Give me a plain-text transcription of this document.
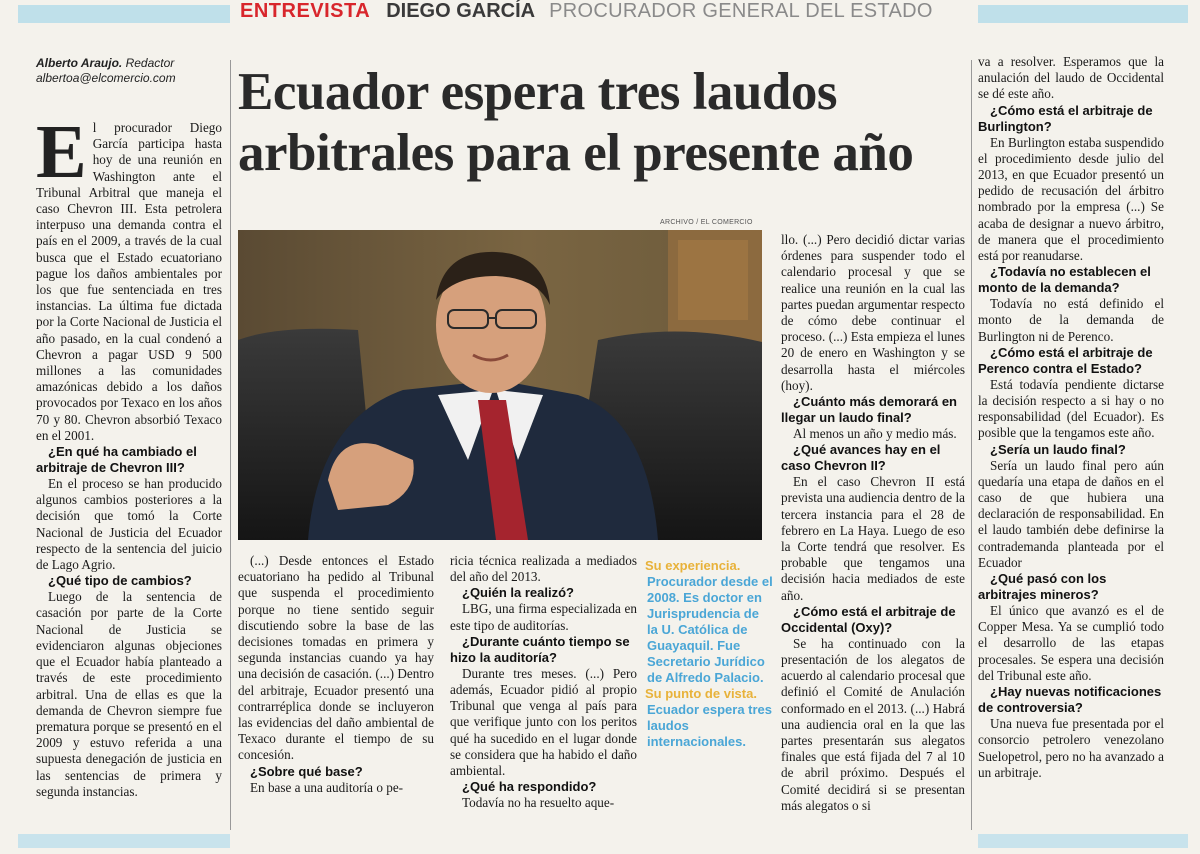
ENTREVISTA DIEGO GARCÍA PROCURADOR GENERAL DEL ESTADO
Alberto Araujo. Redactor
albertoa@elcomercio.com Ecuador espera tres laudos
arbitrales para el presente año
ARCHIVO / EL COMERCIO
E l procurador Diego García participa hasta hoy de una reunión en Washington ante el Tribunal Arbitral que maneja el caso Chevron III. Esta petrolera interpuso una demanda contra el país en el 2009, a través de la cual busca que el Estado ecuatoriano pague los daños ambientales por los que fue sentenciada en tres instancias. La última fue dictada por la Corte Nacional de Justicia el año pasado, en la cual condenó a Chevron a pagar USD 9 500 millones a las comunidades amazónicas debido a los daños provocados por Texaco en los años 70 y 80. Chevron absorbió Texaco en el 2001.

¿En qué ha cambiado el arbitraje de Chevron III?

En el proceso se han producido algunos cambios posteriores a la decisión que tomó la Corte Nacional de Justicia del Ecuador respecto de la sentencia del juicio de Lago Agrio.

¿Qué tipo de cambios?

Luego de la sentencia de casación por parte de la Corte Nacional de Justicia se evidenciaron algunas objeciones que el Ecuador había planteado a través de este procedimiento arbitral. Una de ellas es que la demanda de Chevron siempre fue prematura porque se presentó en el 2009 y estuvo referida a una supuesta denegación de justicia en las sentencias de primera y segunda instancias.

(...) Desde entonces el Estado ecuatoriano ha pedido al Tribunal que suspenda el procedimiento porque no tiene sentido seguir discutiendo sobre la base de las decisiones tomadas en primera y segunda instancias cuando ya hay una decisión de casación. (...) Dentro del arbitraje, Ecuador presentó una contrarréplica donde se incluyeron las evidencias del daño ambiental de Texaco durante el tiempo de su concesión.

¿Sobre qué base?

En base a una auditoría o pe-

ricia técnica realizada a mediados del año del 2013.

¿Quién la realizó?

LBG, una firma especializada en este tipo de auditorías.

¿Durante cuánto tiempo se hizo la auditoría?

Durante tres meses. (...) Pero además, Ecuador pidió al propio Tribunal que venga al país para que verifique junto con los peritos qué ha sucedido en el lugar donde se considera que ha habido el daño ambiental.

¿Qué ha respondido?

Todavía no ha resuelto aque-

Su experiencia.
Procurador desde el 2008. Es doctor en Jurisprudencia de la U. Católica de Guayaquil. Fue Secretario Jurídico de Alfredo Palacio.
Su punto de vista.
Ecuador espera tres laudos internacionales.

llo. (...) Pero decidió dictar varias órdenes para suspender todo el calendario procesal y que se realice una reunión en la cual las partes puedan argumentar respecto de cómo debe continuar el proceso. (...) Esta empieza el lunes 20 de enero en Washington y se desarrolla hasta el miércoles (hoy).

¿Cuánto más demorará en llegar un laudo final?

Al menos un año y medio más.

¿Qué avances hay en el caso Chevron II?

En el caso Chevron II está prevista una audiencia dentro de la tercera instancia para el 28 de febrero en La Haya. Luego de eso la Corte tendrá que resolver. Es probable que tengamos una decisión hacia mediados de este año.

¿Cómo está el arbitraje de Occidental (Oxy)?

Se ha continuado con la presentación de los alegatos de acuerdo al calendario procesal que definió el Comité de Anulación conformado en el 2013. (...) Habrá una audiencia oral en la que las partes presentarán sus alegatos finales que está fijada del 7 al 10 de abril próximo. Después el Comité decidirá si se presentan más alegatos o si

va a resolver. Esperamos que la anulación del laudo de Occidental se dé este año.

¿Cómo está el arbitraje de Burlington?

En Burlington estaba suspendido el procedimiento desde julio del 2013, en que Ecuador presentó un pedido de recusación del árbitro nombrado por la empresa (...) Se acaba de designar a nuevo árbitro, de manera que el procedimiento está por reanudarse.

¿Todavía no establecen el monto de la demanda?

Todavía no está definido el monto de la demanda de Burlington ni de Perenco.

¿Cómo está el arbitraje de Perenco contra el Estado?

Está todavía pendiente dictarse la decisión respecto a si hay o no responsabilidad (del Ecuador). Es posible que la tengamos este año.

¿Sería un laudo final?

Sería un laudo final pero aún quedaría una etapa de daños en el caso de que hubiera una declaración de responsabilidad. En el laudo también debe definirse la contrademanda planteada por el Ecuador

¿Qué pasó con los arbitrajes mineros?

El único que avanzó es el de Copper Mesa. Ya se cumplió todo el desarrollo de las etapas procesales. Se espera una decisión del Tribunal este año.

¿Hay nuevas notificaciones de controversia?

Una nueva fue presentada por el consorcio petrolero venezolano Suelopetrol, pero no ha avanzado a un arbitraje.
